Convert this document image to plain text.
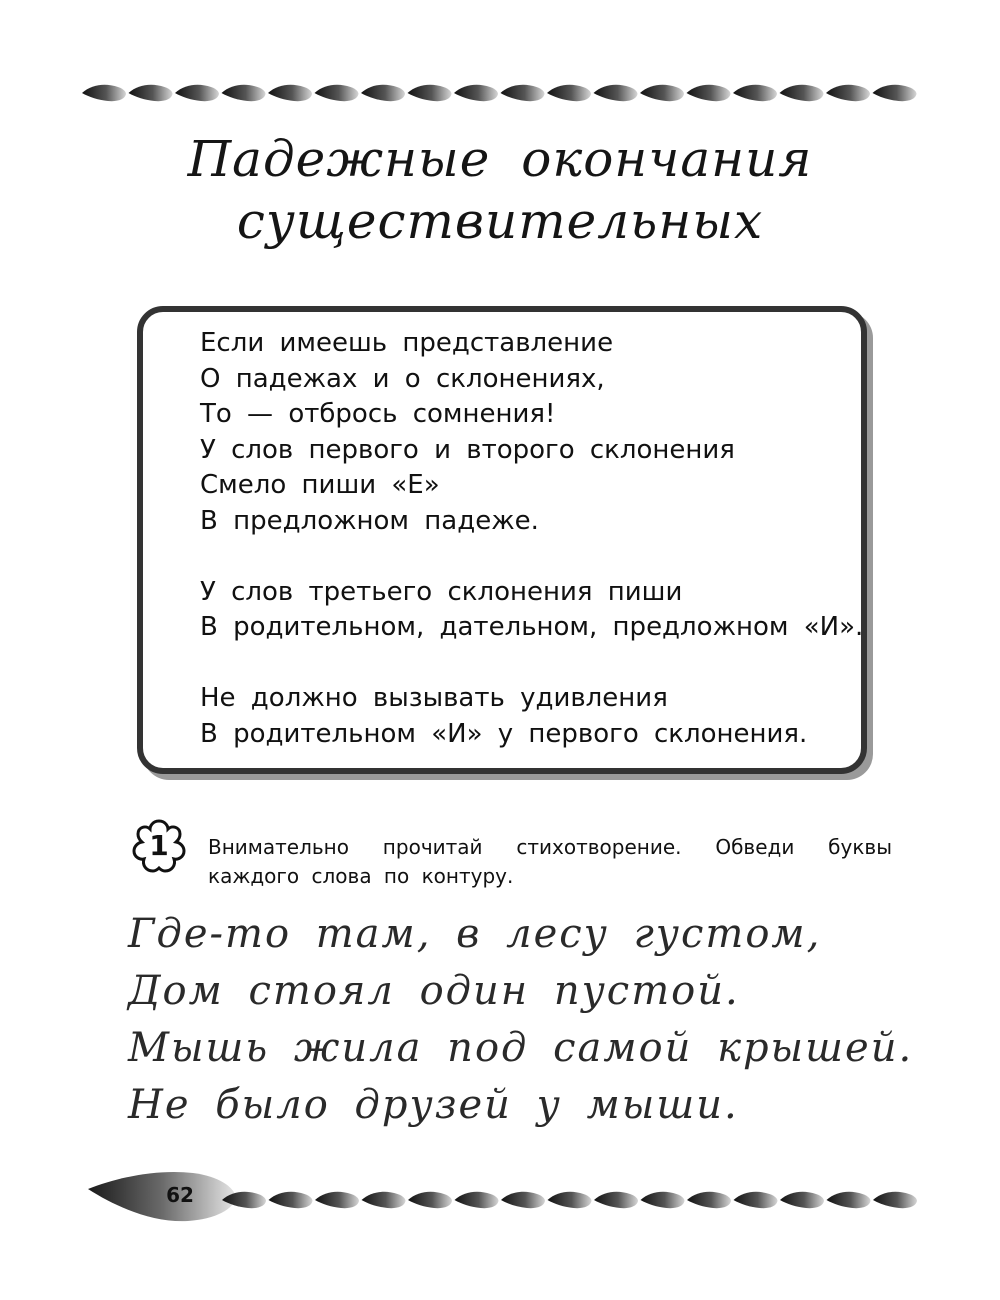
Падежные окончания
существительных
Если имеешь представление
О падежах и о склонениях,
То — отбрось сомнения!
У слов первого и второго склонения
Смело пиши «Е»
В предложном падеже.
У слов третьего склонения пиши
В родительном, дательном, предложном «И».
Не должно вызывать удивления
В родительном «И» у первого склонения.
1	Внимательно прочитай стихотворение. Обведи буквы каждого слова по контуру.
Где-то там, в лесу густом,
Дом стоял один пустой.
Мышь жила под самой крышей.
Не было друзей у мыши.
62
